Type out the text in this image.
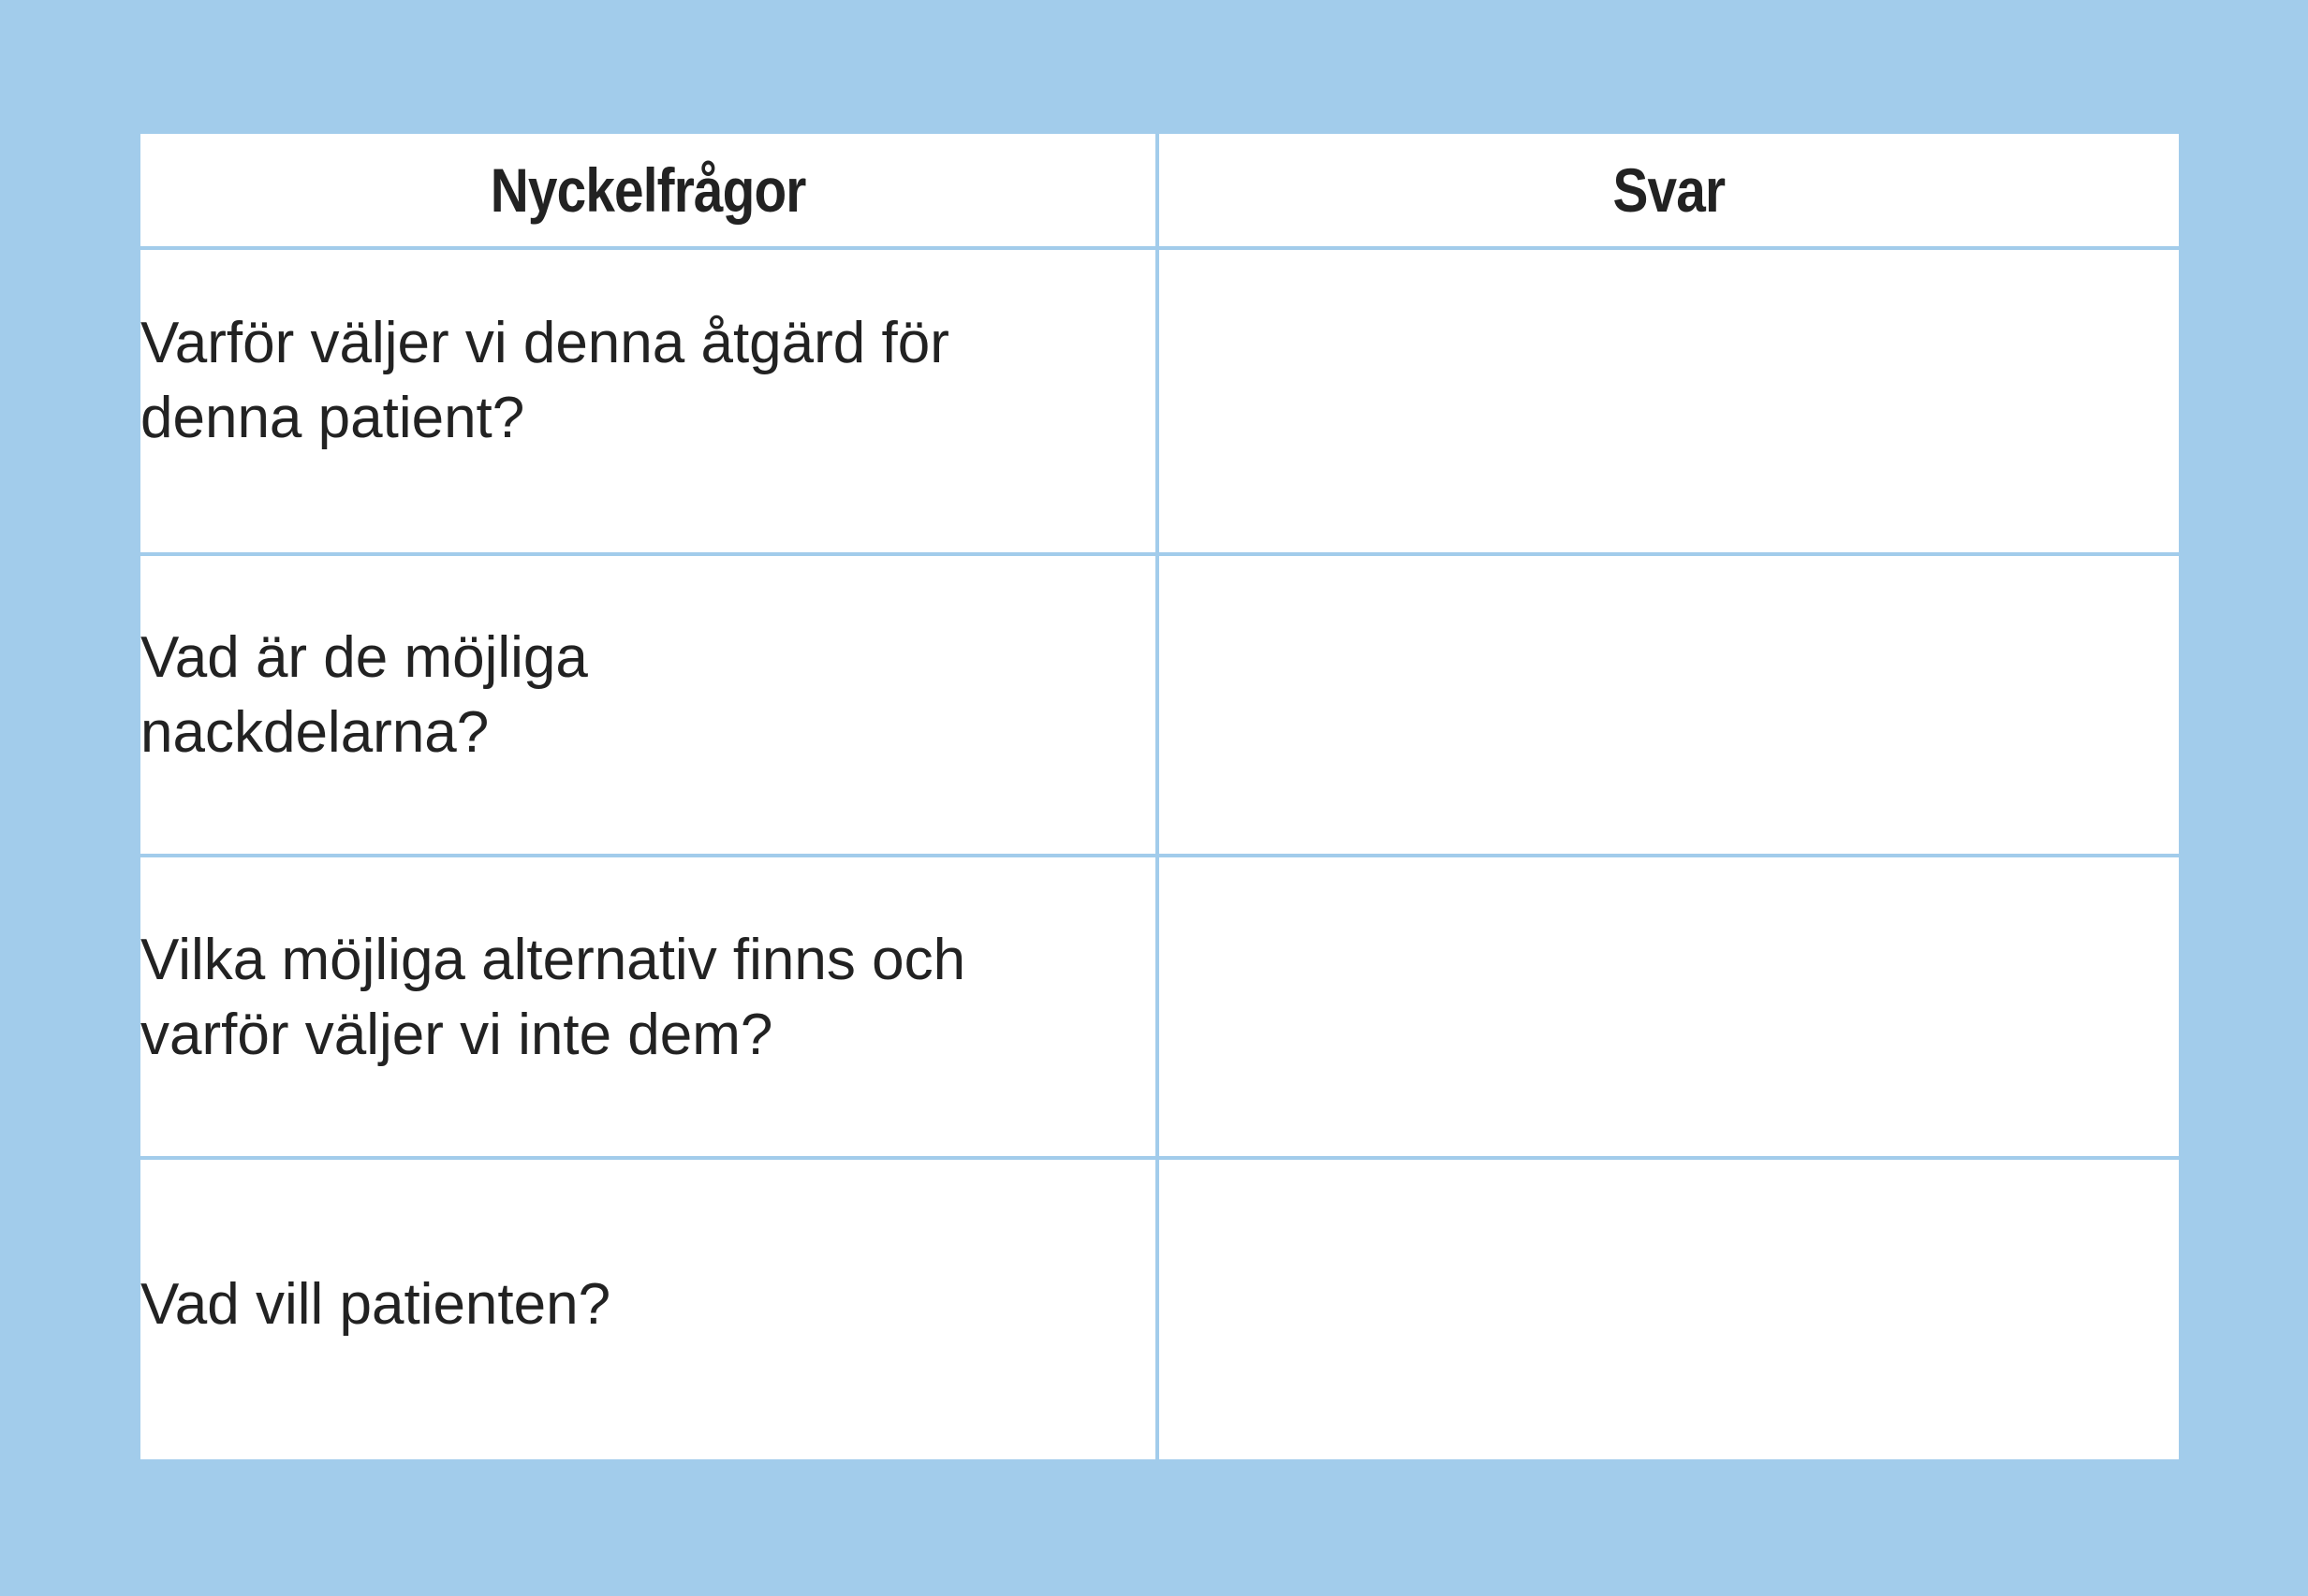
Nyckelfrågor	Svar

Varför väljer vi denna åtgärd för denna patient?	

Vad är de möjliga nackdelarna?	

Vilka möjliga alternativ finns och varför väljer vi inte dem?	

Vad vill patienten?	
